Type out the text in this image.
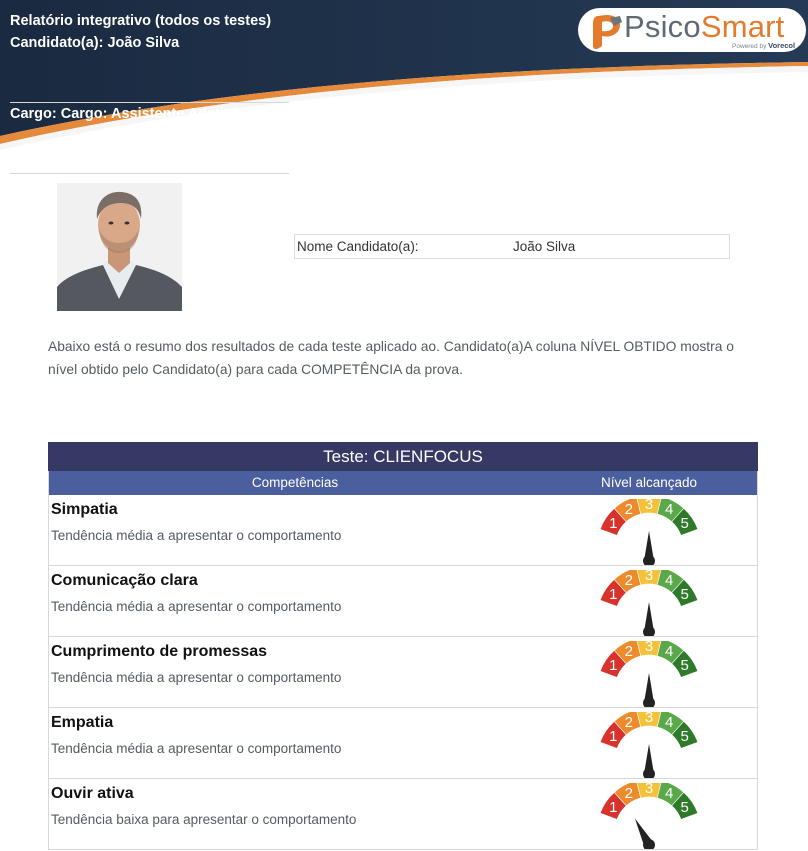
Relatório integrativo (todos os testes)
Candidato(a): João Silva
Cargo: Cargo: Assistente Administrativo
PsicoSmart
Powered by Vorecol
Nome Candidato(a):	João Silva
Abaixo está o resumo dos resultados de cada teste aplicado ao. Candidato(a)A coluna NÍVEL OBTIDO mostra o nível obtido pelo Candidato(a) para cada COMPETÊNCIA da prova.
Teste: CLIENFOCUS
Competências	Nível alcançado
Simpatia
Tendência média a apresentar o comportamento
1
2 3 4
5
Comunicação clara
Tendência média a apresentar o comportamento
1
2 3 4
5
Cumprimento de promessas
Tendência média a apresentar o comportamento
1
2 3 4
5
Empatia
Tendência média a apresentar o comportamento
1
2 3 4
5
Ouvir ativa
Tendência baixa para apresentar o comportamento
1
2 3 4
5
